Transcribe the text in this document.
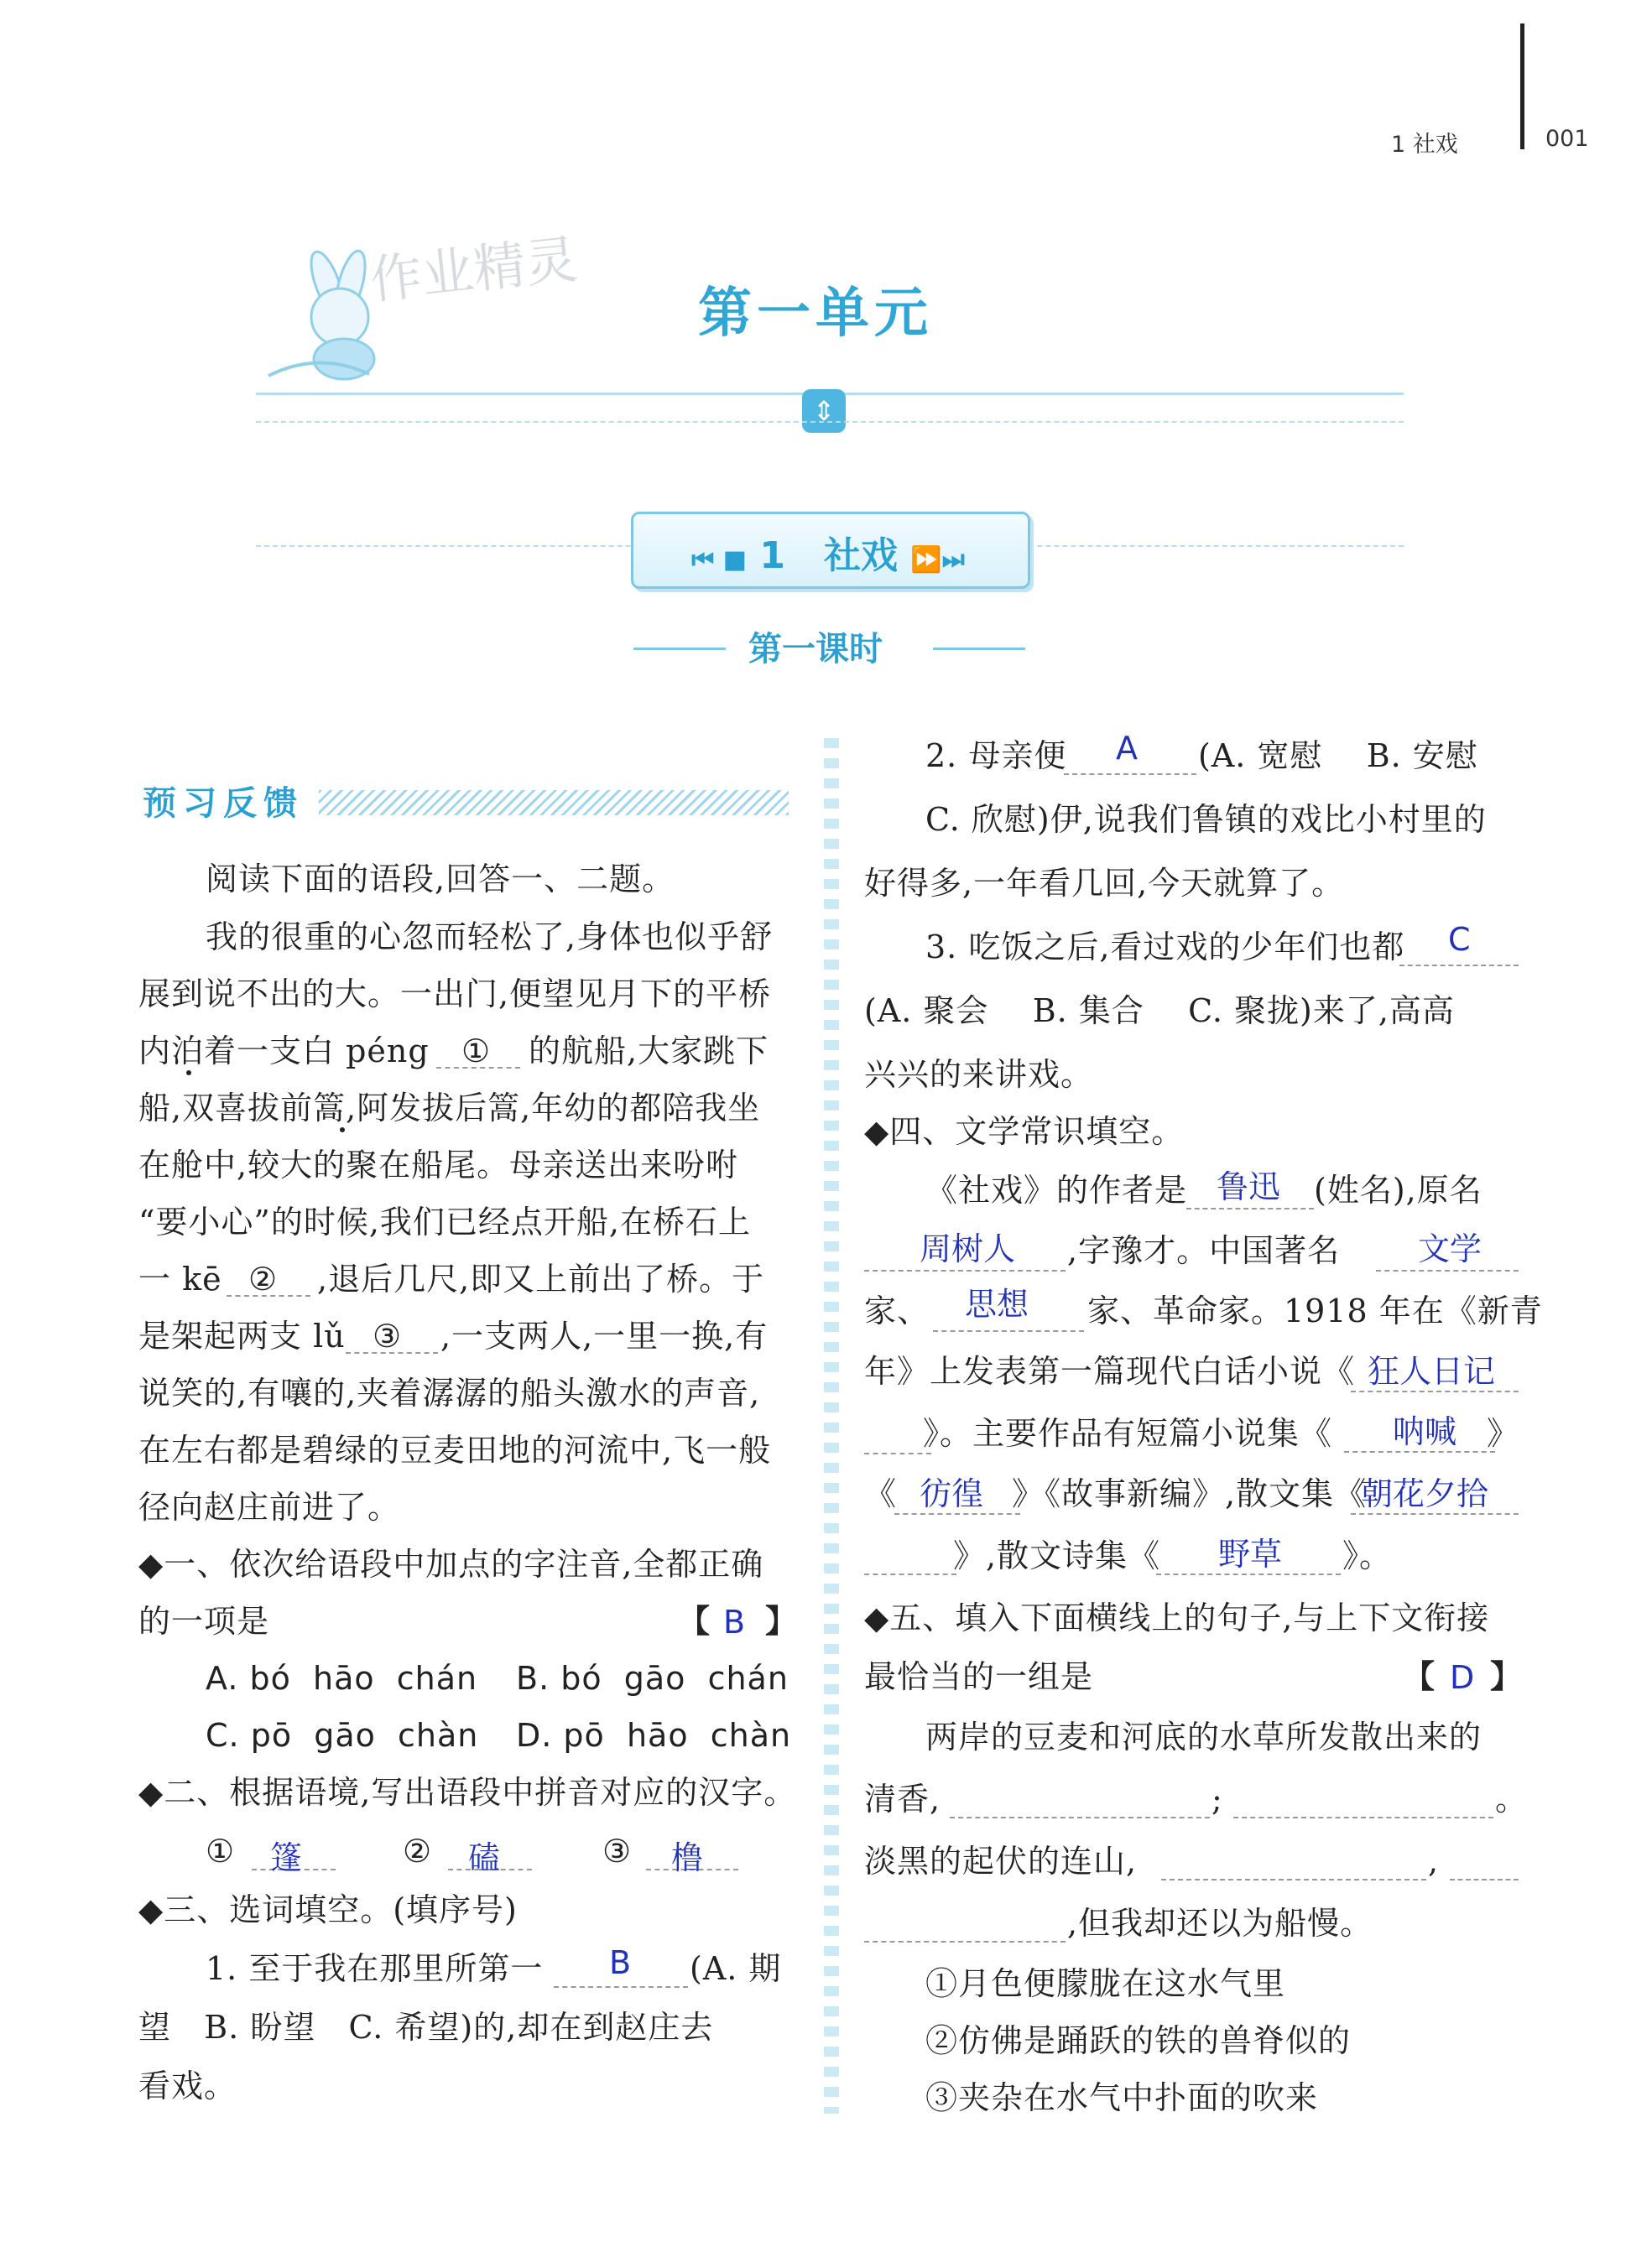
1 社戏	001
作业精灵
第一单元
⇕
⏮ ■ 1 社戏 ⏩⏭
第一课时
预习反馈
阅读下面的语段,回答一、二题。
我的很重的心忽而轻松了,身体也似乎舒
展到说不出的大。一出门,便望见月下的平桥
内泊着一支白 péng ① 的航船,大家跳下
船,双喜拔前篙,阿发拔后篙,年幼的都陪我坐
在舱中,较大的聚在船尾。母亲送出来吩咐
“要小心”的时候,我们已经点开船,在桥石上
一 kē ② ,退后几尺,即又上前出了桥。于
是架起两支 lǔ ③ ,一支两人,一里一换,有
说笑的,有嚷的,夹着潺潺的船头激水的声音,
在左右都是碧绿的豆麦田地的河流中,飞一般
径向赵庄前进了。
◆一、依次给语段中加点的字注音,全都正确
的一项是	【 B 】
A. bó  hāo  chán B. bó  gāo  chán
C. pō  gāo  chàn D. pō  hāo  chàn
◆二、根据语境,写出语段中拼音对应的汉字。
① 篷	② 磕	③ 橹
◆三、选词填空。(填序号)
1. 至于我在那里所第一 B (A. 期
望   B. 盼望   C. 希望)的,却在到赵庄去
看戏。
2. 母亲便 A (A. 宽慰    B. 安慰
C. 欣慰)伊,说我们鲁镇的戏比小村里的
好得多,一年看几回,今天就算了。
3. 吃饭之后,看过戏的少年们也都 C
(A. 聚会    B. 集合    C. 聚拢)来了,高高
兴兴的来讲戏。
◆四、文学常识填空。
《社戏》的作者是 鲁迅 (姓名),原名
周树人 ,字豫才。中国著名 文学
家、 思想 家、革命家。1918 年在《新青
年》上发表第一篇现代白话小说《 狂人日记
》。主要作品有短篇小说集《 呐喊 》
《 彷徨 》《故事新编》,散文集《
朝花夕拾
》,散文诗集《 野草 》。
◆五、填入下面横线上的句子,与上下文衔接
最恰当的一组是	【 D 】
两岸的豆麦和河底的水草所发散出来的
清香,	;	。
淡黑的起伏的连山,	,
,但我却还以为船慢。
①月色便朦胧在这水气里
②仿佛是踊跃的铁的兽脊似的
③夹杂在水气中扑面的吹来
